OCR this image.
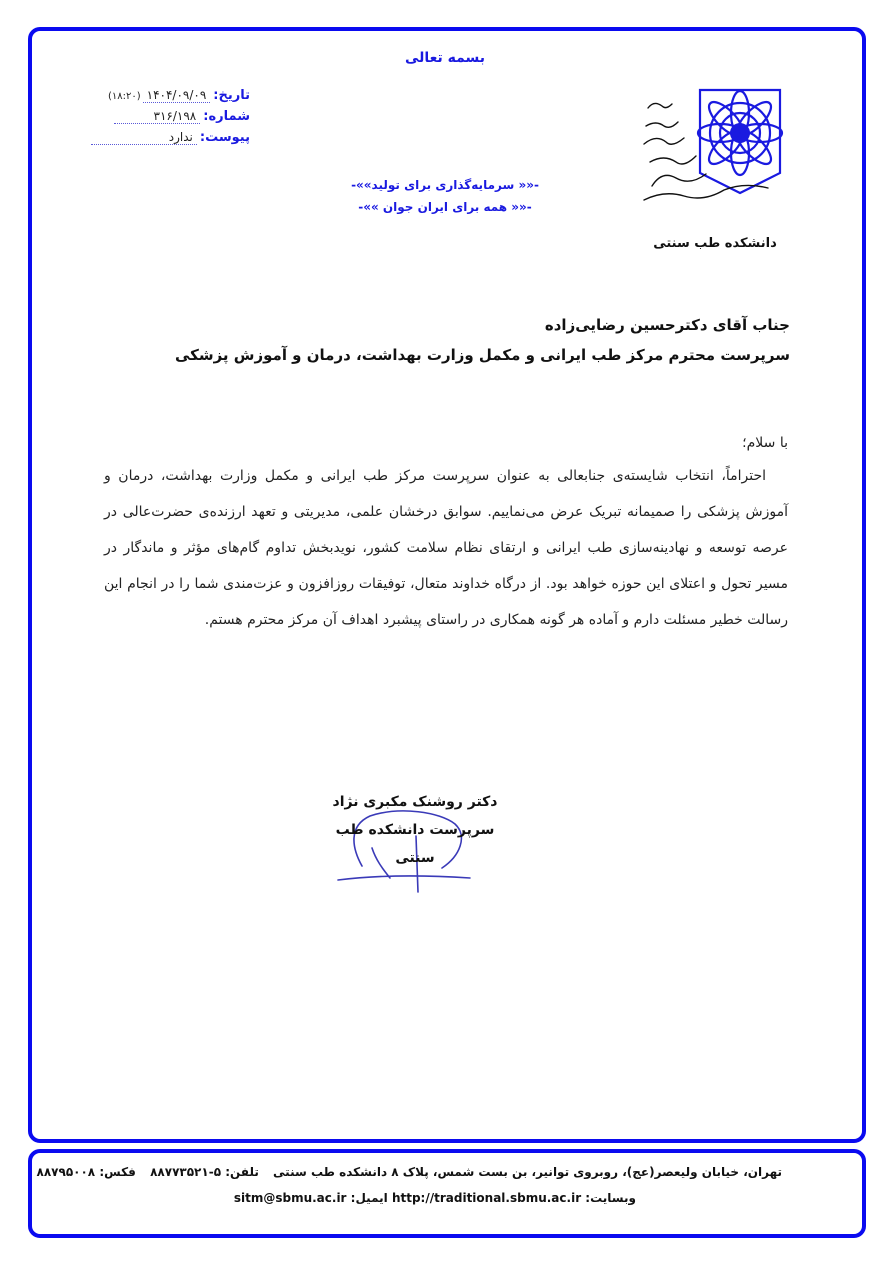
بسمه تعالی
تاریخ:
۱۴۰۴/۰۹/۰۹
(۱۸:۲۰)
شماره:
۳۱۶/۱۹۸
پیوست:
ندارد
-«« سرمایه‌گذاری برای تولید»»-
-«« همه برای ایران جوان »»-
دانشکده طب سنتی
جناب آقای دکترحسین رضایی‌زاده
سرپرست محترم مرکز طب ایرانی و مکمل وزارت بهداشت، درمان و آموزش پزشکی
با سلام؛
احتراماً، انتخاب شایسته‌ی جنابعالی به عنوان سرپرست مرکز طب ایرانی و مکمل وزارت بهداشت، درمان و آموزش پزشکی را صمیمانه تبریک عرض می‌نماییم. سوابق درخشان علمی، مدیریتی و تعهد ارزنده‌ی حضرت‌عالی در عرصه توسعه و نهادینه‌سازی طب ایرانی و ارتقای نظام سلامت کشور، نویدبخش تداوم گام‌های مؤثر و ماندگار در مسیر تحول و اعتلای این حوزه خواهد بود. از درگاه خداوند متعال، توفیقات روزافزون و عزت‌مندی شما را در انجام این رسالت خطیر مسئلت دارم و آماده هر گونه همکاری در راستای پیشبرد اهداف آن مرکز محترم هستم.
دکتر روشنک مکبری نژاد
سرپرست دانشکده طب سنتی
تهران، خیابان ولیعصر(عج)، روبروی توانیر، بن بست شمس، پلاک ۸ دانشکده طب سنتی تلفن: ۵-۸۸۷۷۳۵۲۱ فکس: ۸۸۷۹۵۰۰۸
وبسایت: http://traditional.sbmu.ac.ir ایمیل: sitm@sbmu.ac.ir
